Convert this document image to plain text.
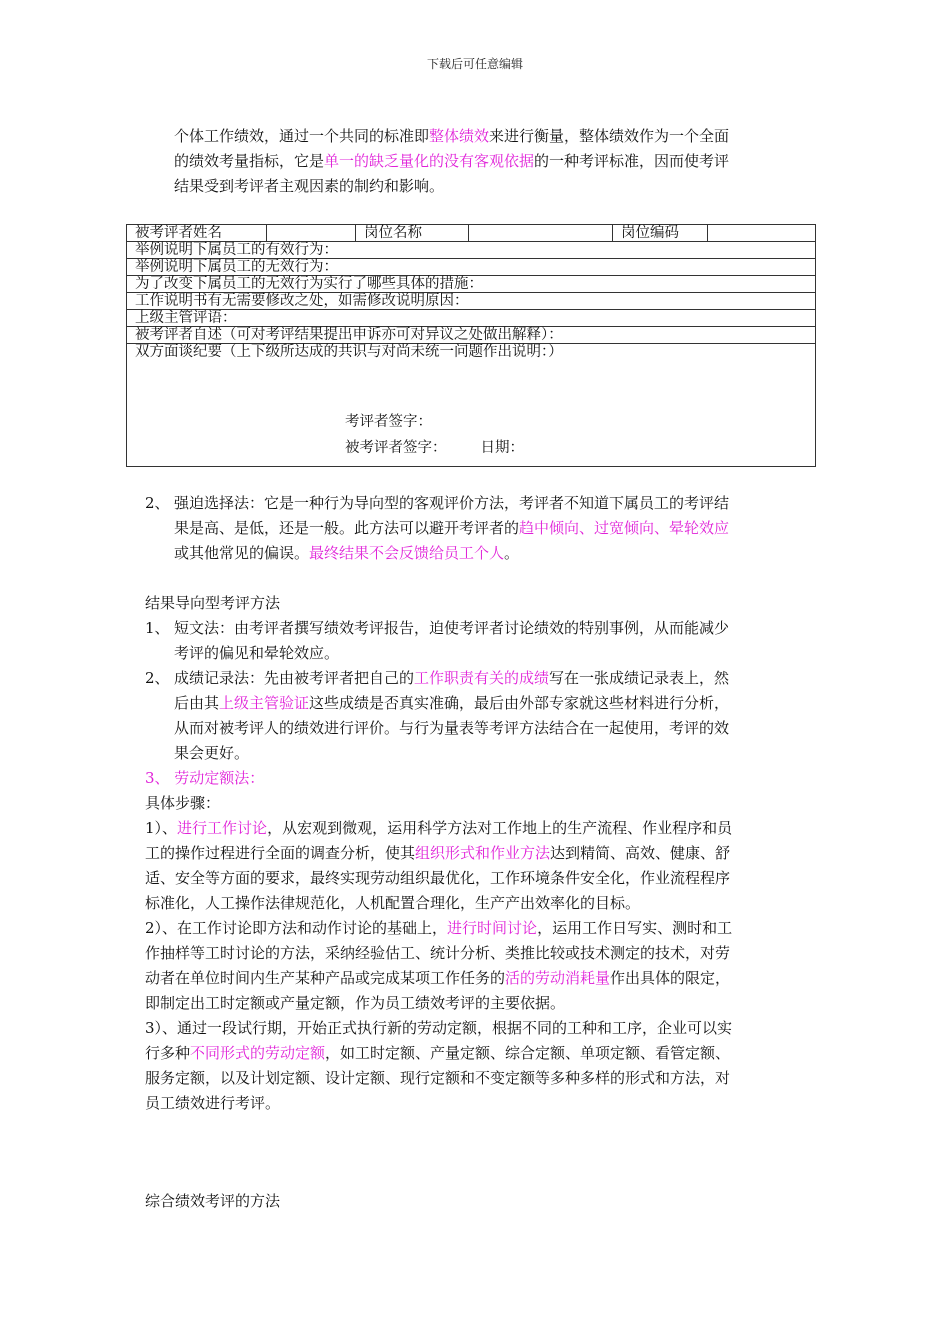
下载后可任意编辑
个体工作绩效，通过一个共同的标准即整体绩效来进行衡量，整体绩效作为一个全面
的绩效考量指标，它是单一的缺乏量化的没有客观依据的一种考评标准，因而使考评
结果受到考评者主观因素的制约和影响。
被考评者姓名		岗位名称		岗位编码	
举例说明下属员工的有效行为：
举例说明下属员工的无效行为：
为了改变下属员工的无效行为实行了哪些具体的措施：
工作说明书有无需要修改之处，如需修改说明原因：
上级主管评语：
被考评者自述（可对考评结果提出申诉亦可对异议之处做出解释）：
双方面谈纪要（上下级所达成的共识与对尚未统一问题作出说明：）
考评者签字：
被考评者签字： 日期：
2、 强迫选择法：它是一种行为导向型的客观评价方法，考评者不知道下属员工的考评结
果是高、是低，还是一般。此方法可以避开考评者的趋中倾向、过宽倾向、晕轮效应
或其他常见的偏误。最终结果不会反馈给员工个人。
结果导向型考评方法
1、 短文法：由考评者撰写绩效考评报告，迫使考评者讨论绩效的特别事例，从而能减少
考评的偏见和晕轮效应。
2、 成绩记录法：先由被考评者把自己的工作职责有关的成绩写在一张成绩记录表上，然
后由其上级主管验证这些成绩是否真实准确，最后由外部专家就这些材料进行分析，
从而对被考评人的绩效进行评价。与行为量表等考评方法结合在一起使用，考评的效
果会更好。
3、 劳动定额法：
具体步骤：
1）、进行工作讨论，从宏观到微观，运用科学方法对工作地上的生产流程、作业程序和员
工的操作过程进行全面的调查分析，使其组织形式和作业方法达到精简、高效、健康、舒
适、安全等方面的要求，最终实现劳动组织最优化，工作环境条件安全化，作业流程程序
标准化，人工操作法律规范化，人机配置合理化，生产产出效率化的目标。
2）、在工作讨论即方法和动作讨论的基础上，进行时间讨论，运用工作日写实、测时和工
作抽样等工时讨论的方法，采纳经验估工、统计分析、类推比较或技术测定的技术，对劳
动者在单位时间内生产某种产品或完成某项工作任务的活的劳动消耗量作出具体的限定，
即制定出工时定额或产量定额，作为员工绩效考评的主要依据。
3）、通过一段试行期，开始正式执行新的劳动定额，根据不同的工种和工序，企业可以实
行多种不同形式的劳动定额，如工时定额、产量定额、综合定额、单项定额、看管定额、
服务定额，以及计划定额、设计定额、现行定额和不变定额等多种多样的形式和方法，对
员工绩效进行考评。
综合绩效考评的方法
